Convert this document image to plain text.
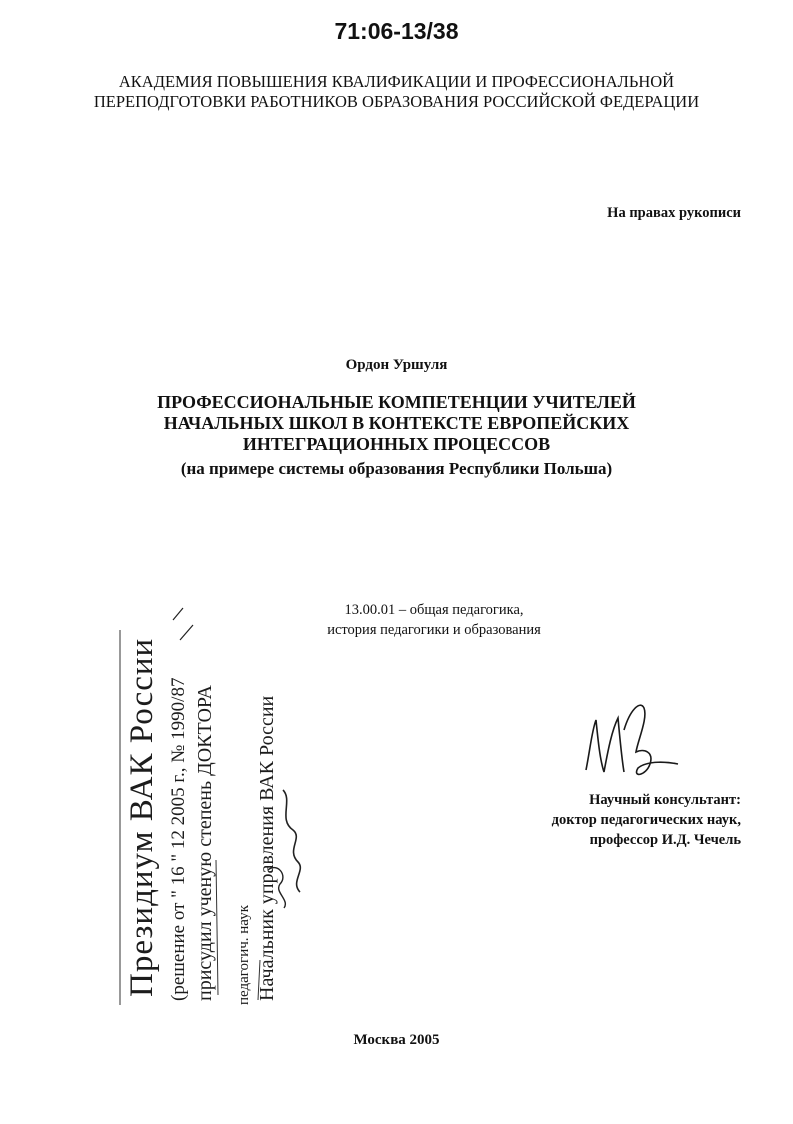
71:06-13/38
АКАДЕМИЯ ПОВЫШЕНИЯ КВАЛИФИКАЦИИ И ПРОФЕССИОНАЛЬНОЙ
ПЕРЕПОДГОТОВКИ РАБОТНИКОВ ОБРАЗОВАНИЯ РОССИЙСКОЙ ФЕДЕРАЦИИ
На правах рукописи
Ордон Уршуля
ПРОФЕССИОНАЛЬНЫЕ КОМПЕТЕНЦИИ УЧИТЕЛЕЙ
НАЧАЛЬНЫХ ШКОЛ В КОНТЕКСТЕ ЕВРОПЕЙСКИХ
ИНТЕГРАЦИОННЫХ ПРОЦЕССОВ
(на примере системы образования Республики Польша)
13.00.01 – общая педагогика,
история педагогики и образования
Президиум ВАК России (решение от " 16 " 12 2005 г., № 1990/87 присудил ученую степень ДОКТОРА педагогич. наук Начальник управления ВАК России	Научный консультант:
доктор педагогических наук,
профессор И.Д. Чечель
Москва 2005
